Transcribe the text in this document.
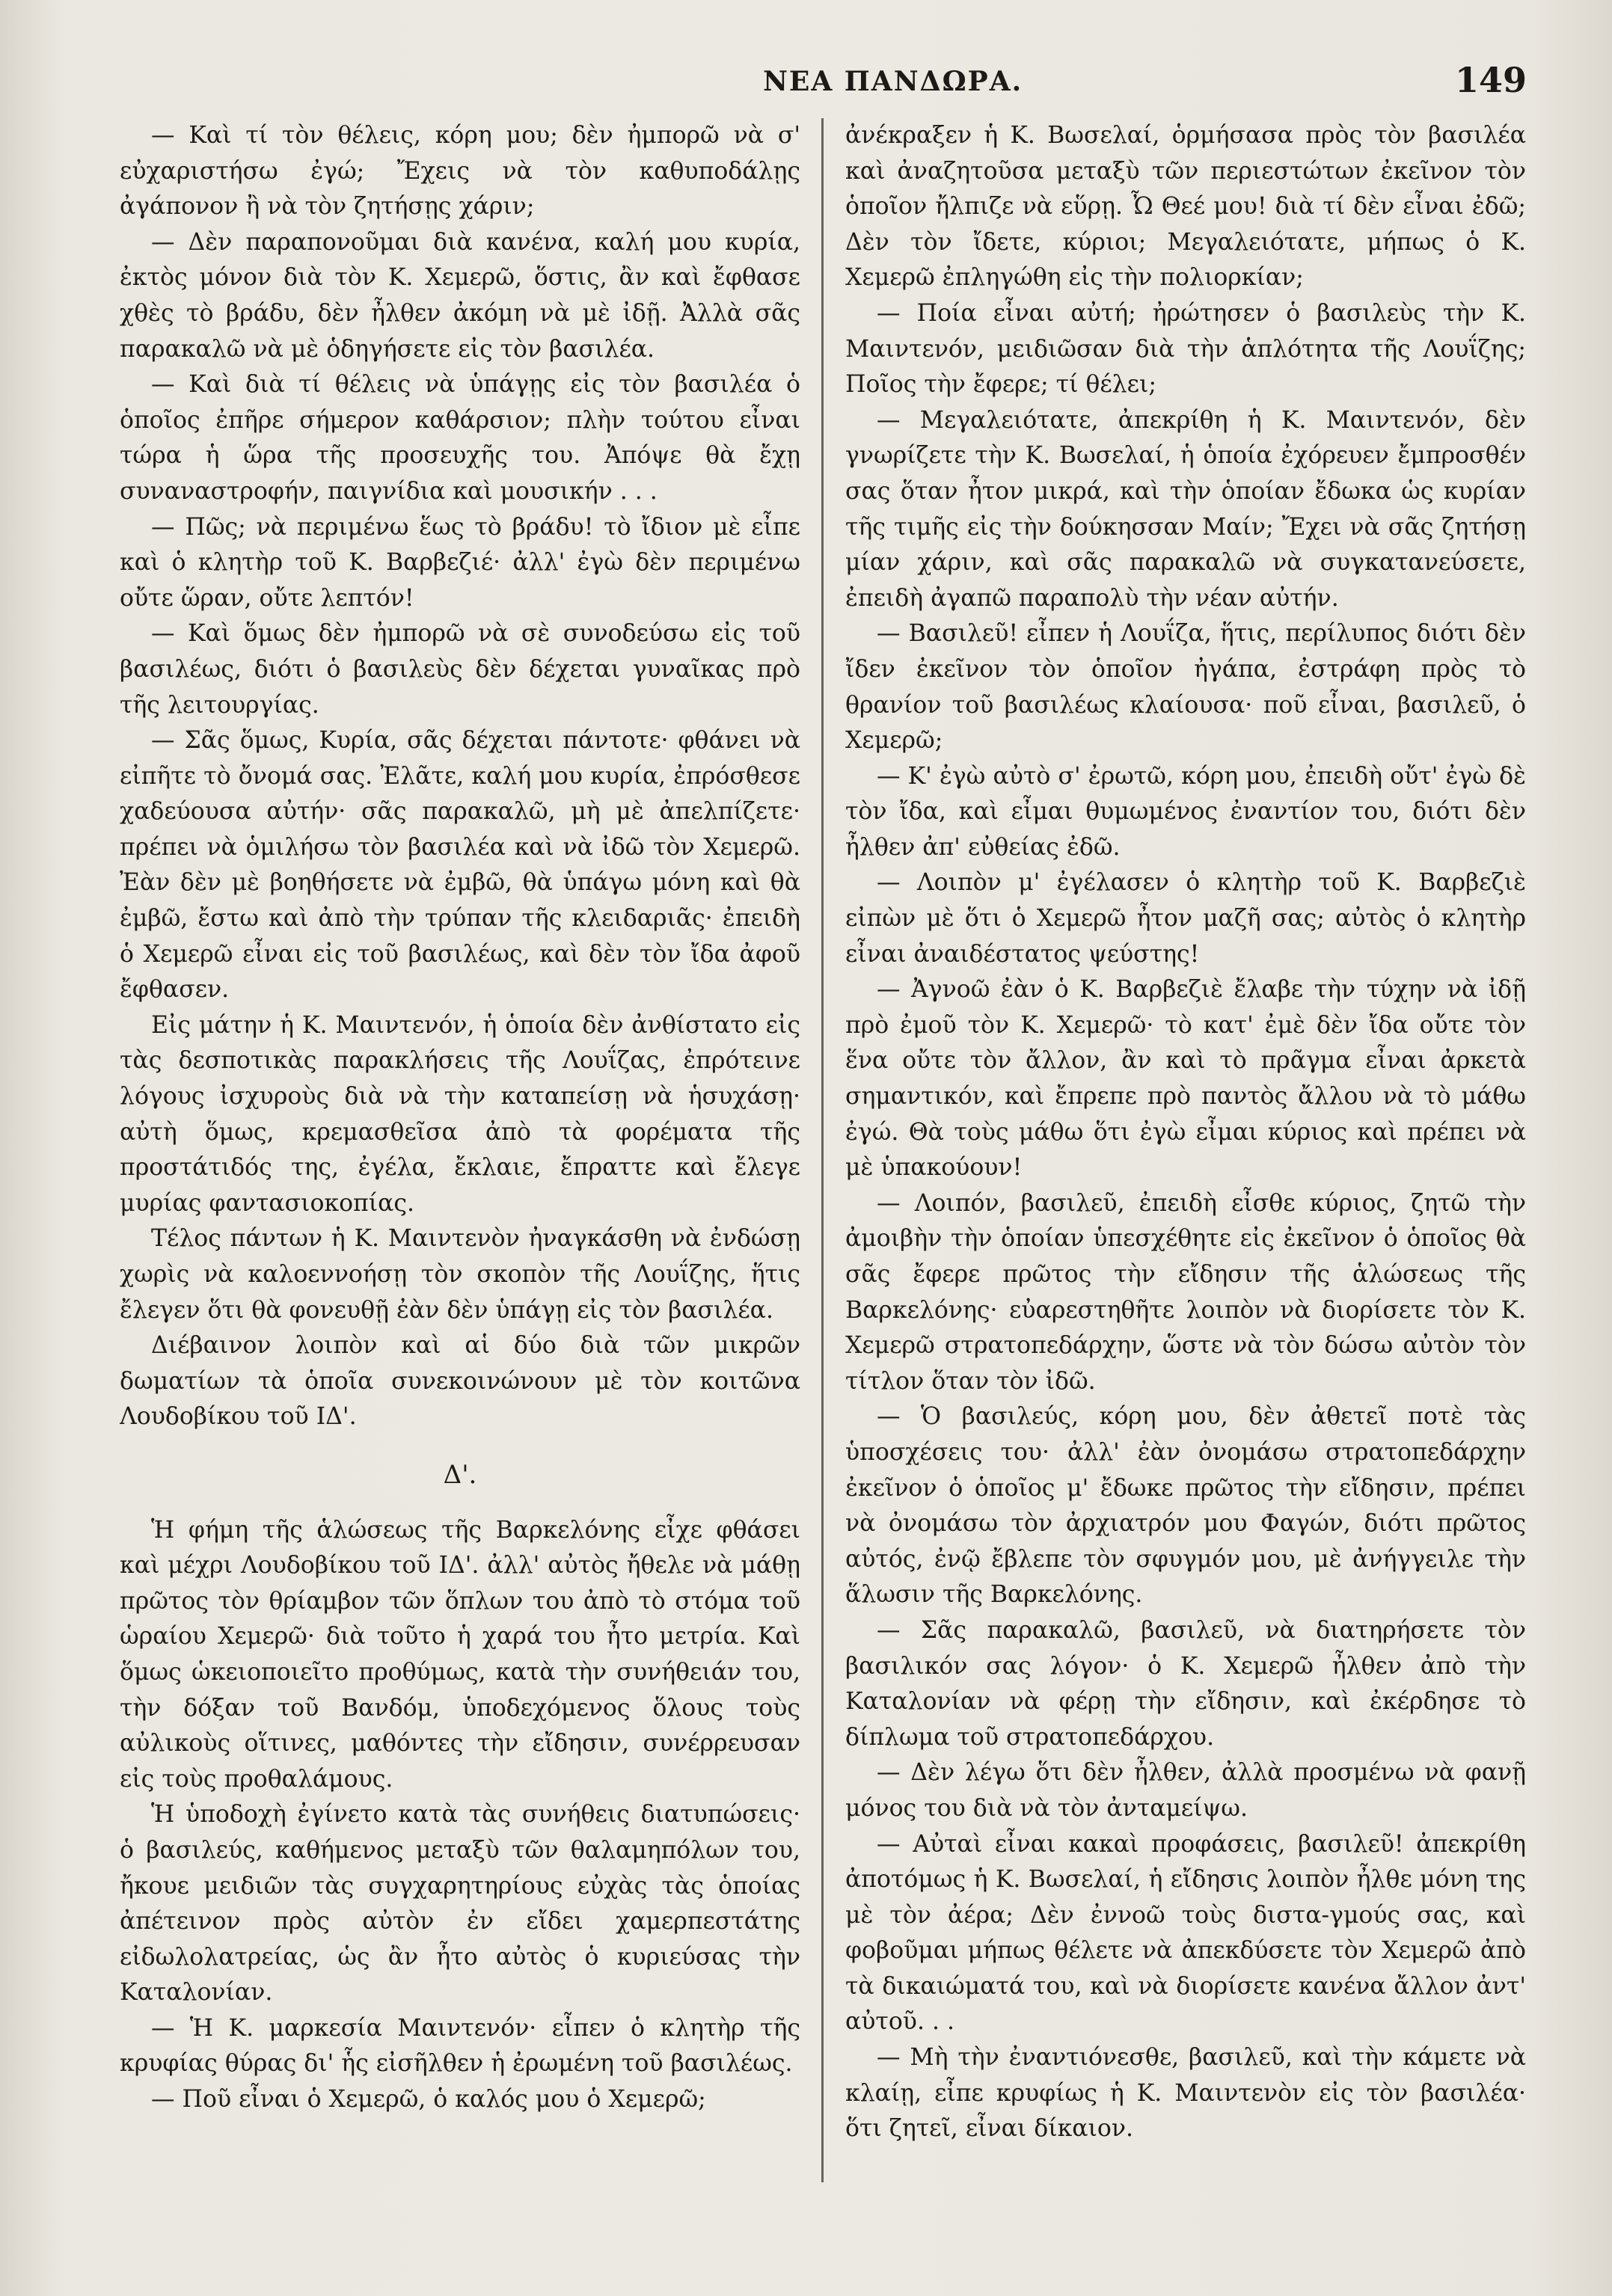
ΝΕΑ ΠΑΝΔΩΡΑ.	149

— Καὶ τί τὸν θέλεις, κόρη μου; δὲν ἠμπορῶ νὰ σ' εὐχαριστήσω ἐγώ; Ἔχεις νὰ τὸν καθυποδάλῃς ἀγάπονον ἢ νὰ τὸν ζητήσῃς χάριν;

— Δὲν παραπονοῦμαι διὰ κανένα, καλή μου κυρία, ἐκτὸς μόνον διὰ τὸν Κ. Χεμερῶ, ὅστις, ἂν καὶ ἔφθασε χθὲς τὸ βράδυ, δὲν ἦλθεν ἀκόμη νὰ μὲ ἰδῇ. Ἀλλὰ σᾶς παρακαλῶ νὰ μὲ ὁδηγήσετε εἰς τὸν βασιλέα.

— Καὶ διὰ τί θέλεις νὰ ὑπάγῃς εἰς τὸν βασιλέα ὁ ὁποῖος ἐπῆρε σήμερον καθάρσιον; πλὴν τούτου εἶναι τώρα ἡ ὥρα τῆς προσευχῆς του. Ἀπόψε θὰ ἔχῃ συναναστροφήν, παιγνίδια καὶ μουσικήν . . .

— Πῶς; νὰ περιμένω ἕως τὸ βράδυ! τὸ ἴδιον μὲ εἶπε καὶ ὁ κλητὴρ τοῦ Κ. Βαρβεζιέ· ἀλλ' ἐγὼ δὲν περιμένω οὔτε ὥραν, οὔτε λεπτόν!

— Καὶ ὅμως δὲν ἠμπορῶ νὰ σὲ συνοδεύσω εἰς τοῦ βασιλέως, διότι ὁ βασιλεὺς δὲν δέχεται γυναῖκας πρὸ τῆς λειτουργίας.

— Σᾶς ὅμως, Κυρία, σᾶς δέχεται πάντοτε· φθάνει νὰ εἰπῆτε τὸ ὄνομά σας. Ἐλᾶτε, καλή μου κυρία, ἐπρόσθεσε χαδεύουσα αὐτήν· σᾶς παρακαλῶ, μὴ μὲ ἀπελπίζετε· πρέπει νὰ ὁμιλήσω τὸν βασιλέα καὶ νὰ ἰδῶ τὸν Χεμερῶ. Ἐὰν δὲν μὲ βοηθήσετε νὰ ἐμβῶ, θὰ ὑπάγω μόνη καὶ θὰ ἐμβῶ, ἔστω καὶ ἀπὸ τὴν τρύπαν τῆς κλειδαριᾶς· ἐπειδὴ ὁ Χεμερῶ εἶναι εἰς τοῦ βασιλέως, καὶ δὲν τὸν ἴδα ἀφοῦ ἔφθασεν.

Εἰς μάτην ἡ Κ. Μαιντενόν, ἡ ὁποία δὲν ἀνθίστατο εἰς τὰς δεσποτικὰς παρακλήσεις τῆς Λουΐζας, ἐπρότεινε λόγους ἰσχυροὺς διὰ νὰ τὴν καταπείσῃ νὰ ἡσυχάσῃ· αὐτὴ ὅμως, κρεμασθεῖσα ἀπὸ τὰ φορέματα τῆς προστάτιδός της, ἐγέλα, ἔκλαιε, ἔπραττε καὶ ἔλεγε μυρίας φαντασιοκοπίας.

Τέλος πάντων ἡ Κ. Μαιντενὸν ἠναγκάσθη νὰ ἐνδώσῃ χωρὶς νὰ καλοεννοήσῃ τὸν σκοπὸν τῆς Λουΐζης, ἥτις ἔλεγεν ὅτι θὰ φονευθῇ ἐὰν δὲν ὑπάγῃ εἰς τὸν βασιλέα.

Διέβαινον λοιπὸν καὶ αἱ δύο διὰ τῶν μικρῶν δωματίων τὰ ὁποῖα συνεκοινώνουν μὲ τὸν κοιτῶνα Λουδοβίκου τοῦ ΙΔ'.

Δ'.

Ἡ φήμη τῆς ἁλώσεως τῆς Βαρκελόνης εἶχε φθάσει καὶ μέχρι Λουδοβίκου τοῦ ΙΔ'. ἀλλ' αὐτὸς ἤθελε νὰ μάθῃ πρῶτος τὸν θρίαμβον τῶν ὅπλων του ἀπὸ τὸ στόμα τοῦ ὡραίου Χεμερῶ· διὰ τοῦτο ἡ χαρά του ἦτο μετρία. Καὶ ὅμως ὡκειοποιεῖτο προθύμως, κατὰ τὴν συνήθειάν του, τὴν δόξαν τοῦ Βανδόμ, ὑποδεχόμενος ὅλους τοὺς αὐλικοὺς οἵτινες, μαθόντες τὴν εἴδησιν, συνέρρευσαν εἰς τοὺς προθαλάμους.

Ἡ ὑποδοχὴ ἐγίνετο κατὰ τὰς συνήθεις διατυπώσεις· ὁ βασιλεύς, καθήμενος μεταξὺ τῶν θαλαμηπόλων του, ἤκουε μειδιῶν τὰς συγχαρητηρίους εὐχὰς τὰς ὁποίας ἀπέτεινον πρὸς αὐτὸν ἐν εἴδει χαμερπεστάτης εἰδωλολατρείας, ὡς ἂν ἦτο αὐτὸς ὁ κυριεύσας τὴν Καταλονίαν.

— Ἡ Κ. μαρκεσία Μαιντενόν· εἶπεν ὁ κλητὴρ τῆς κρυφίας θύρας δι' ἧς εἰσῆλθεν ἡ ἐρωμένη τοῦ βασιλέως.

— Ποῦ εἶναι ὁ Χεμερῶ, ὁ καλός μου ὁ Χεμερῶ;

ἀνέκραξεν ἡ Κ. Βωσελαί, ὁρμήσασα πρὸς τὸν βασιλέα καὶ ἀναζητοῦσα μεταξὺ τῶν περιεστώτων ἐκεῖνον τὸν ὁποῖον ἤλπιζε νὰ εὕρῃ. Ὦ Θεέ μου! διὰ τί δὲν εἶναι ἐδῶ; Δὲν τὸν ἴδετε, κύριοι; Μεγαλειότατε, μήπως ὁ Κ. Χεμερῶ ἐπληγώθη εἰς τὴν πολιορκίαν;

— Ποία εἶναι αὐτή; ἠρώτησεν ὁ βασιλεὺς τὴν Κ. Μαιντενόν, μειδιῶσαν διὰ τὴν ἁπλότητα τῆς Λουΐζης; Ποῖος τὴν ἔφερε; τί θέλει;

— Μεγαλειότατε, ἀπεκρίθη ἡ Κ. Μαιντενόν, δὲν γνωρίζετε τὴν Κ. Βωσελαί, ἡ ὁποία ἐχόρευεν ἔμπροσθέν σας ὅταν ἦτον μικρά, καὶ τὴν ὁποίαν ἔδωκα ὡς κυρίαν τῆς τιμῆς εἰς τὴν δούκησσαν Μαίν; Ἔχει νὰ σᾶς ζητήσῃ μίαν χάριν, καὶ σᾶς παρακαλῶ νὰ συγκατανεύσετε, ἐπειδὴ ἀγαπῶ παραπολὺ τὴν νέαν αὐτήν.

— Βασιλεῦ! εἶπεν ἡ Λουΐζα, ἥτις, περίλυπος διότι δὲν ἴδεν ἐκεῖνον τὸν ὁποῖον ἠγάπα, ἐστράφη πρὸς τὸ θρανίον τοῦ βασιλέως κλαίουσα· ποῦ εἶναι, βασιλεῦ, ὁ Χεμερῶ;

— Κ' ἐγὼ αὐτὸ σ' ἐρωτῶ, κόρη μου, ἐπειδὴ οὔτ' ἐγὼ δὲ τὸν ἴδα, καὶ εἶμαι θυμωμένος ἐναντίον του, διότι δὲν ἦλθεν ἀπ' εὐθείας ἐδῶ.

— Λοιπὸν μ' ἐγέλασεν ὁ κλητὴρ τοῦ Κ. Βαρβεζιὲ εἰπὼν μὲ ὅτι ὁ Χεμερῶ ἦτον μαζῆ σας; αὐτὸς ὁ κλητὴρ εἶναι ἀναιδέστατος ψεύστης!

— Ἀγνοῶ ἐὰν ὁ Κ. Βαρβεζιὲ ἔλαβε τὴν τύχην νὰ ἰδῇ πρὸ ἐμοῦ τὸν Κ. Χεμερῶ· τὸ κατ' ἐμὲ δὲν ἴδα οὔτε τὸν ἕνα οὔτε τὸν ἄλλον, ἂν καὶ τὸ πρᾶγμα εἶναι ἀρκετὰ σημαντικόν, καὶ ἔπρεπε πρὸ παντὸς ἄλλου νὰ τὸ μάθω ἐγώ. Θὰ τοὺς μάθω ὅτι ἐγὼ εἶμαι κύριος καὶ πρέπει νὰ μὲ ὑπακούουν!

— Λοιπόν, βασιλεῦ, ἐπειδὴ εἶσθε κύριος, ζητῶ τὴν ἀμοιβὴν τὴν ὁποίαν ὑπεσχέθητε εἰς ἐκεῖνον ὁ ὁποῖος θὰ σᾶς ἔφερε πρῶτος τὴν εἴδησιν τῆς ἁλώσεως τῆς Βαρκελόνης· εὐαρεστηθῆτε λοιπὸν νὰ διορίσετε τὸν Κ. Χεμερῶ στρατοπεδάρχην, ὥστε νὰ τὸν δώσω αὐτὸν τὸν τίτλον ὅταν τὸν ἰδῶ.

— Ὁ βασιλεύς, κόρη μου, δὲν ἀθετεῖ ποτὲ τὰς ὑποσχέσεις του· ἀλλ' ἐὰν ὀνομάσω στρατοπεδάρχην ἐκεῖνον ὁ ὁποῖος μ' ἔδωκε πρῶτος τὴν εἴδησιν, πρέπει νὰ ὀνομάσω τὸν ἀρχιατρόν μου Φαγών, διότι πρῶτος αὐτός, ἐνῷ ἔβλεπε τὸν σφυγμόν μου, μὲ ἀνήγγειλε τὴν ἅλωσιν τῆς Βαρκελόνης.

— Σᾶς παρακαλῶ, βασιλεῦ, νὰ διατηρήσετε τὸν βασιλικόν σας λόγον· ὁ Κ. Χεμερῶ ἦλθεν ἀπὸ τὴν Καταλονίαν νὰ φέρῃ τὴν εἴδησιν, καὶ ἐκέρδησε τὸ δίπλωμα τοῦ στρατοπεδάρχου.

— Δὲν λέγω ὅτι δὲν ἦλθεν, ἀλλὰ προσμένω νὰ φανῇ μόνος του διὰ νὰ τὸν ἀνταμείψω.

— Αὐταὶ εἶναι κακαὶ προφάσεις, βασιλεῦ! ἀπεκρίθη ἀποτόμως ἡ Κ. Βωσελαί, ἡ εἴδησις λοιπὸν ἦλθε μόνη της μὲ τὸν ἀέρα; Δὲν ἐννοῶ τοὺς διστα-γμούς σας, καὶ φοβοῦμαι μήπως θέλετε νὰ ἀπεκδύσετε τὸν Χεμερῶ ἀπὸ τὰ δικαιώματά του, καὶ νὰ διορίσετε κανένα ἄλλον ἀντ' αὐτοῦ. . .

— Μὴ τὴν ἐναντιόνεσθε, βασιλεῦ, καὶ τὴν κάμετε νὰ κλαίῃ, εἶπε κρυφίως ἡ Κ. Μαιντενὸν εἰς τὸν βασιλέα· ὅτι ζητεῖ, εἶναι δίκαιον.
